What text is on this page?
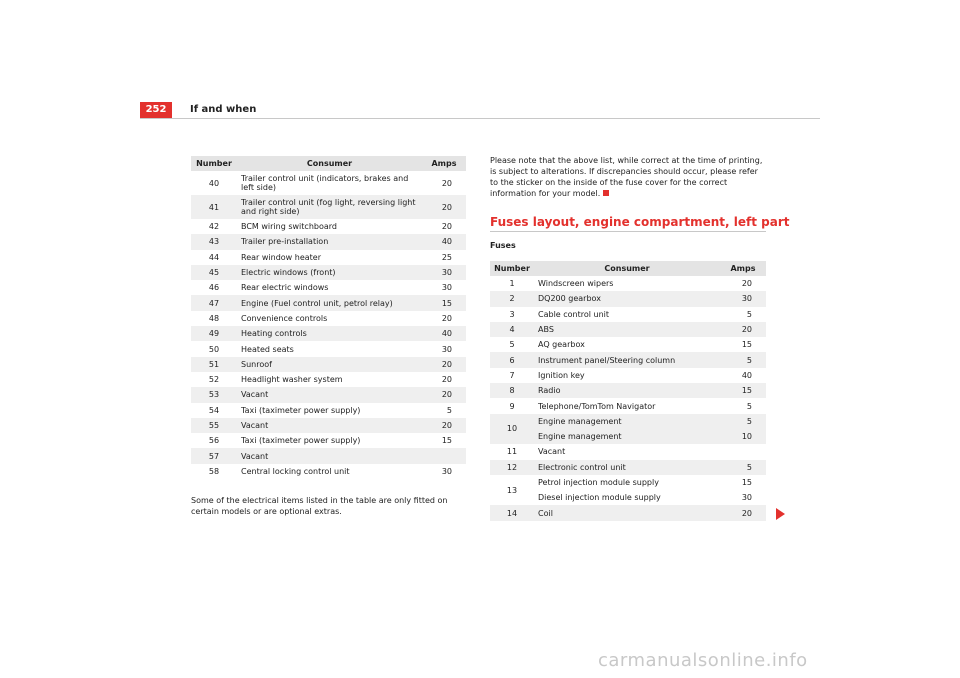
252	If and when
Number	Consumer	Amps
40	Trailer control unit (indicators, brakes and left side)	20
41	Trailer control unit (fog light, reversing light and right side)	20
42	BCM wiring switchboard	20
43	Trailer pre-installation	40
44	Rear window heater	25
45	Electric windows (front)	30
46	Rear electric windows	30
47	Engine (Fuel control unit, petrol relay)	15
48	Convenience controls	20
49	Heating controls	40
50	Heated seats	30
51	Sunroof	20
52	Headlight washer system	20
53	Vacant	20
54	Taxi (taximeter power supply)	5
55	Vacant	20
56	Taxi (taximeter power supply)	15
57	Vacant	
58	Central locking control unit	30
Some of the electrical items listed in the table are only fitted on certain models or are optional extras.
Please note that the above list, while correct at the time of printing, is subject to alterations. If discrepancies should occur, please refer to the sticker on the inside of the fuse cover for the correct information for your model.
Fuses layout, engine compartment, left part
Fuses
Number	Consumer	Amps
1	Windscreen wipers	20
2	DQ200 gearbox	30
3	Cable control unit	5
4	ABS	20
5	AQ gearbox	15
6	Instrument panel/Steering column	5
7	Ignition key	40
8	Radio	15
9	Telephone/TomTom Navigator	5
10	Engine management	5
	Engine management	10
11	Vacant	
12	Electronic control unit	5
13	Petrol injection module supply	15
	Diesel injection module supply	30
14	Coil	20
carmanualsonline.info
